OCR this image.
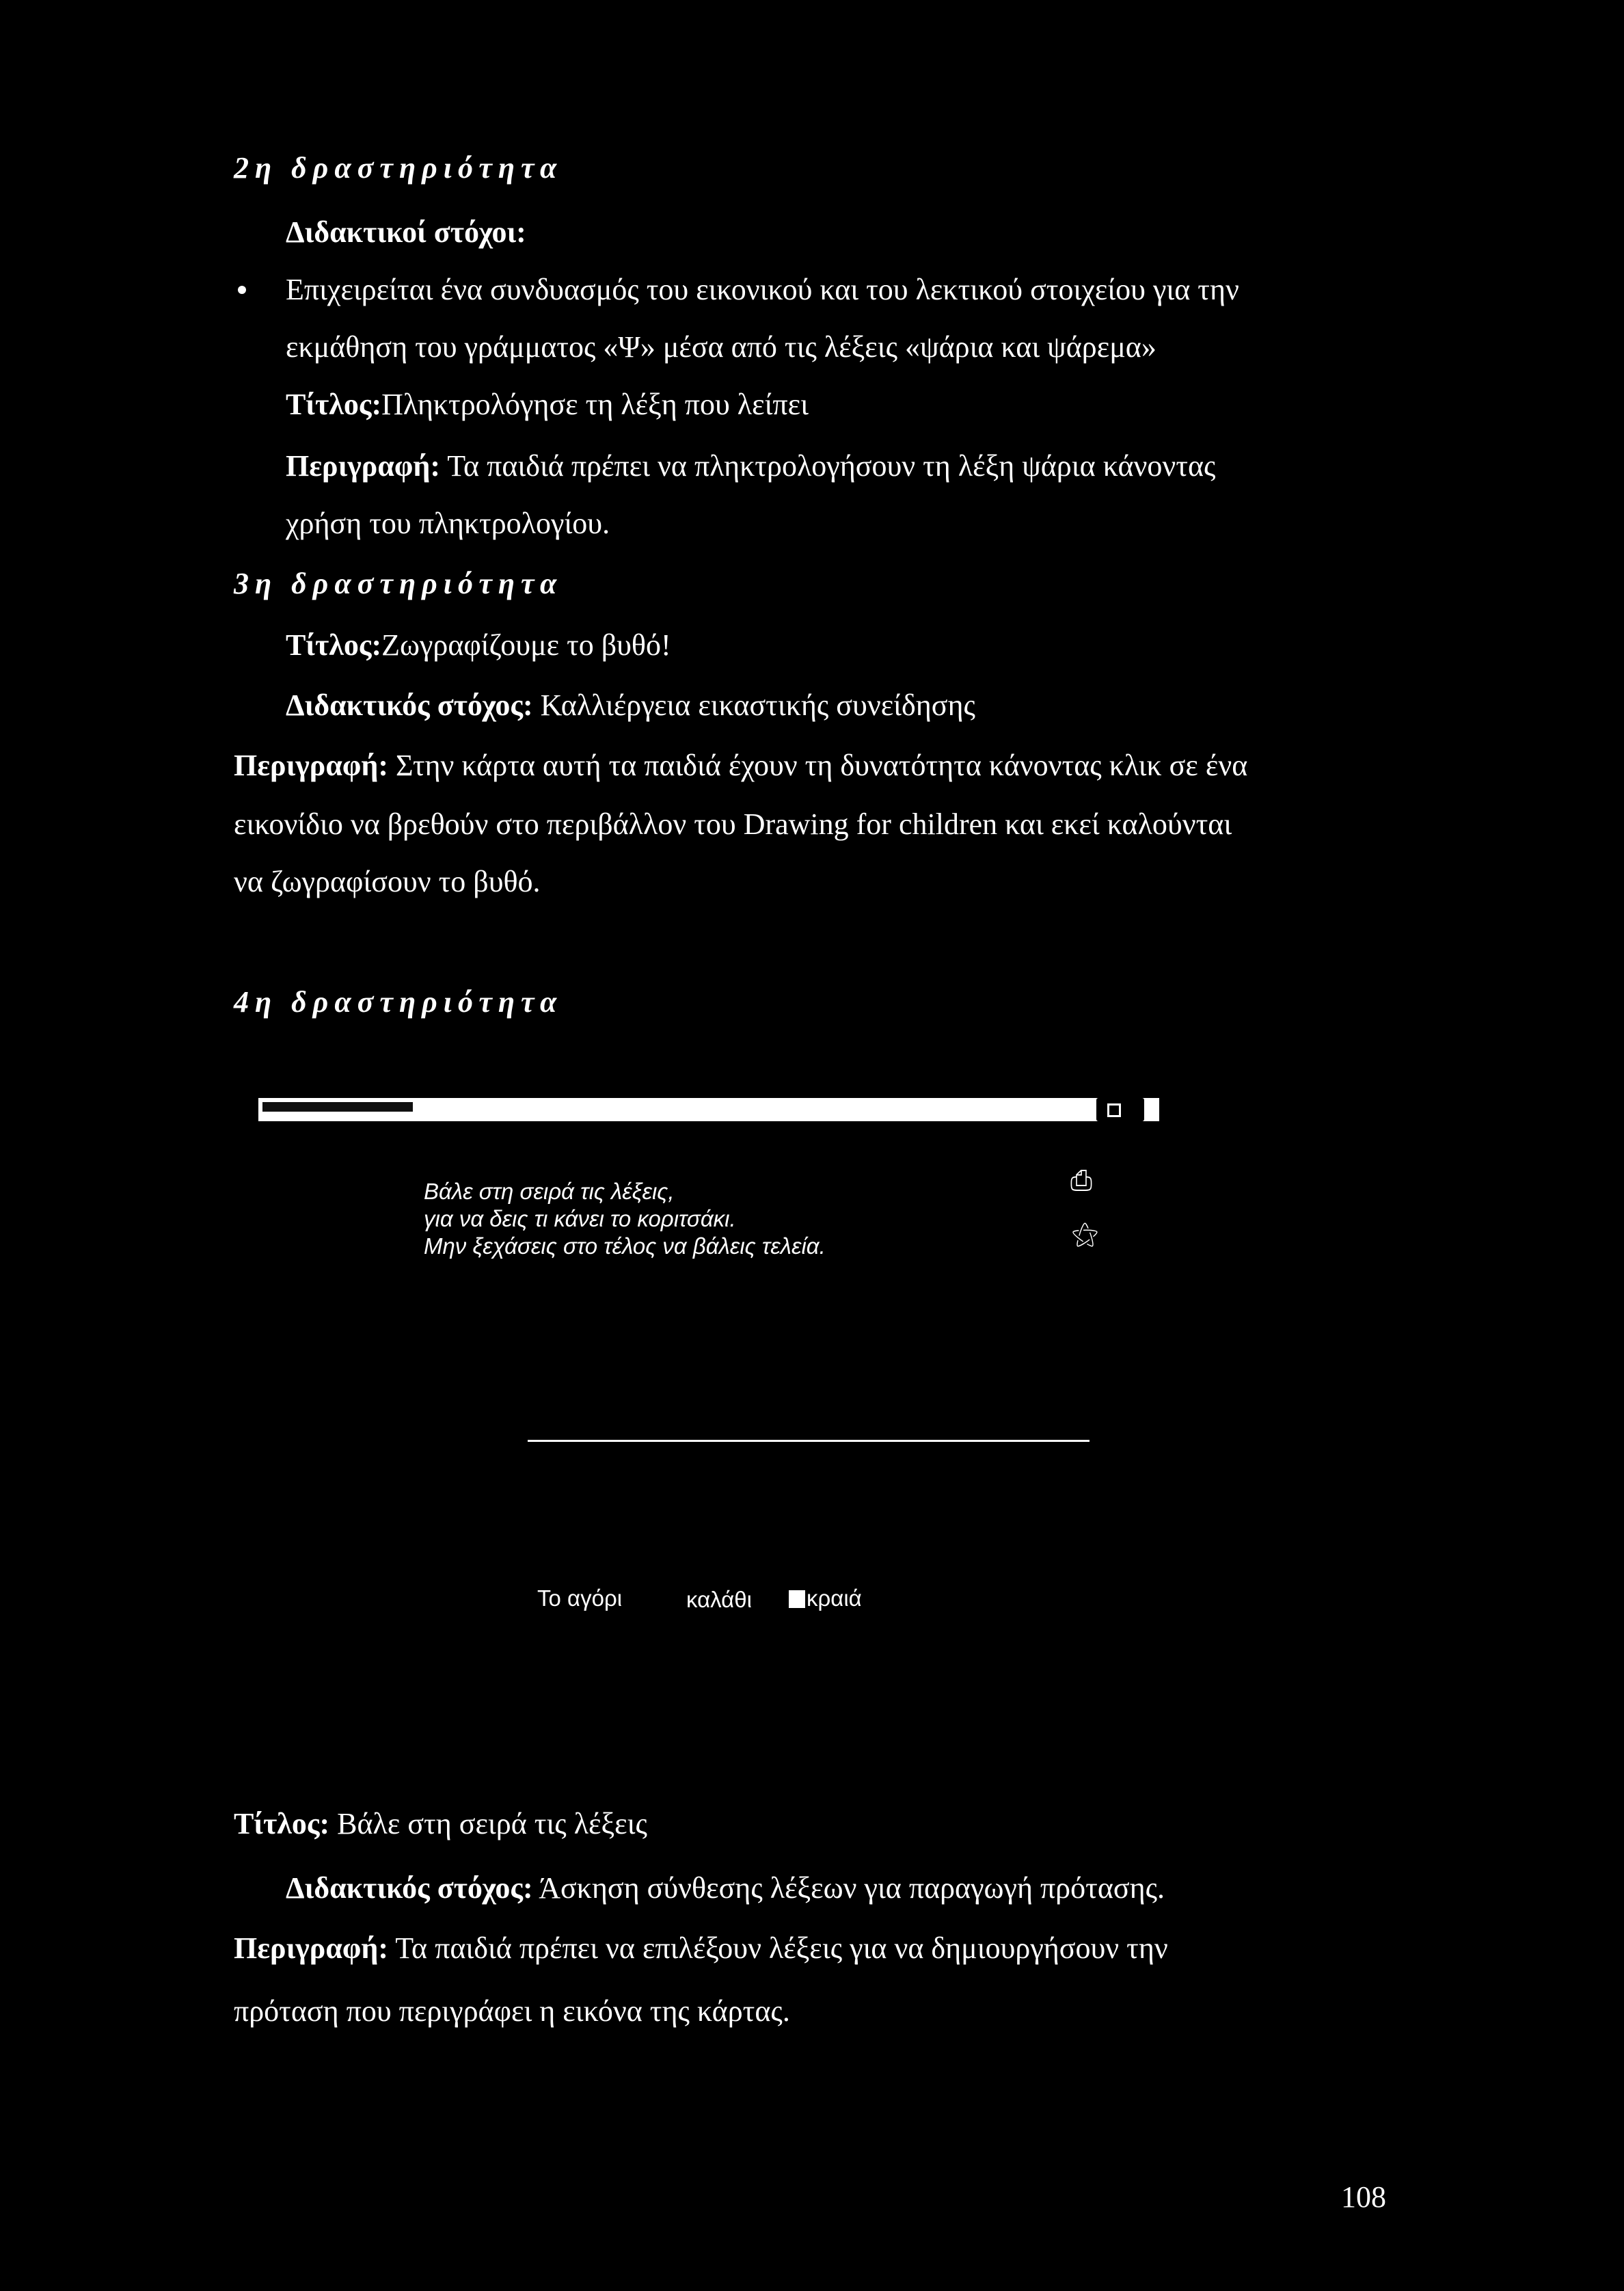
2η δραστηριότητα
Διδακτικοί στόχοι:
Επιχειρείται ένα συνδυασμός του εικονικού και του λεκτικού στοιχείου για την
εκμάθηση του γράμματος «Ψ» μέσα από τις λέξεις «ψάρια και ψάρεμα»
Τίτλος:Πληκτρολόγησε τη λέξη που λείπει
Περιγραφή: Τα παιδιά πρέπει να πληκτρολογήσουν τη λέξη ψάρια κάνοντας
χρήση του πληκτρολογίου.
3η δραστηριότητα
Τίτλος:Ζωγραφίζουμε το βυθό!
Διδακτικός στόχος: Καλλιέργεια εικαστικής συνείδησης
Περιγραφή: Στην κάρτα αυτή τα παιδιά έχουν τη δυνατότητα κάνοντας κλικ σε ένα
εικονίδιο να βρεθούν στο περιβάλλον του Drawing for children και εκεί καλούνται
να ζωγραφίσουν το βυθό.
4η δραστηριότητα
Βάλε στη σειρά τις λέξεις,
για να δεις τι κάνει το κοριτσάκι.
Μην ξεχάσεις στο τέλος να βάλεις τελεία.
⎙
⚝
Το αγόρι	καλάθι	κραιά
Τίτλος: Βάλε στη σειρά τις λέξεις
Διδακτικός στόχος: Άσκηση σύνθεσης λέξεων για παραγωγή πρότασης.
Περιγραφή: Τα παιδιά πρέπει να επιλέξουν λέξεις για να δημιουργήσουν την
πρόταση που περιγράφει η εικόνα της κάρτας.
108
